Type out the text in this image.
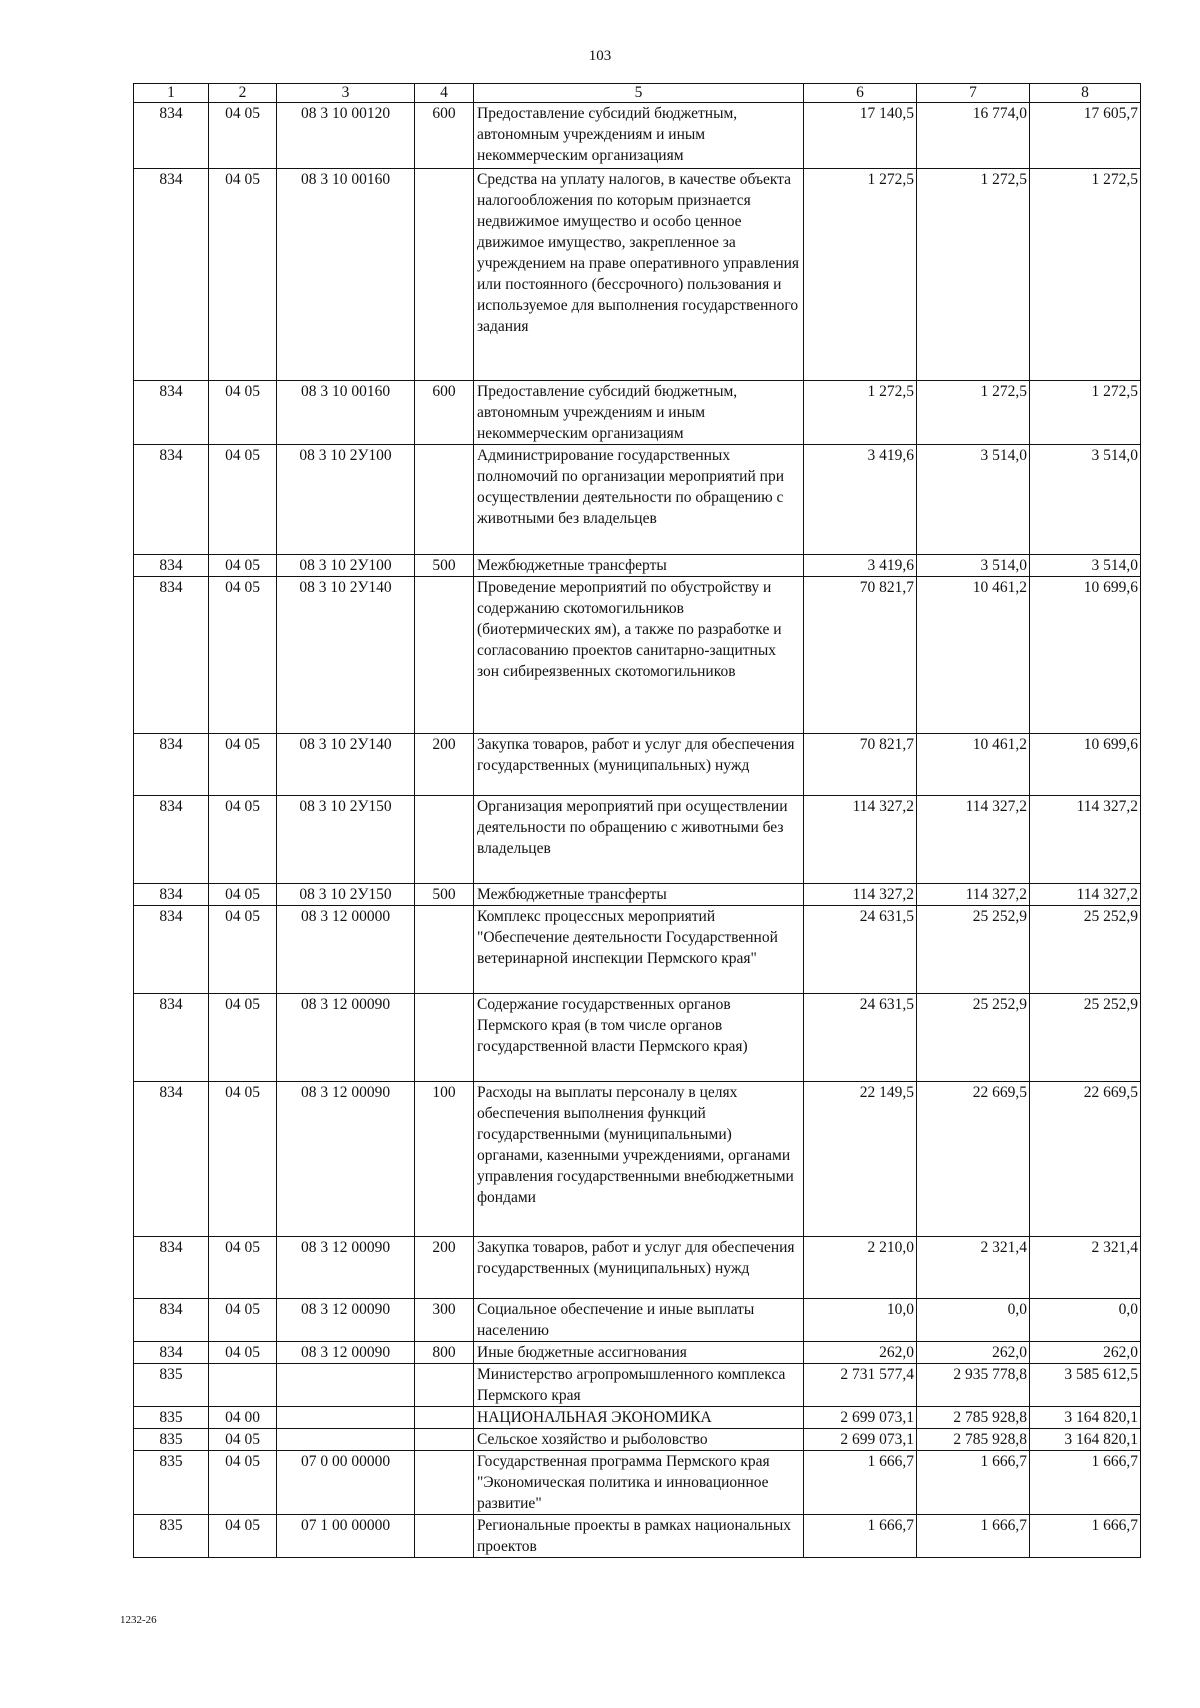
103
1	2	3	4	5	6	7	8
834	04 05	08 3 10 00120	600	Предоставление субсидий бюджетным, автономным учреждениям и иным некоммерческим организациям	17 140,5	16 774,0	17 605,7
834	04 05	08 3 10 00160		Средства на уплату налогов, в качестве объекта налогообложения по которым признается недвижимое имущество и особо ценное движимое имущество, закрепленное за учреждением на праве оперативного управления или постоянного (бессрочного) пользования и используемое для выполнения государственного задания	1 272,5	1 272,5	1 272,5
834	04 05	08 3 10 00160	600	Предоставление субсидий бюджетным, автономным учреждениям и иным некоммерческим организациям	1 272,5	1 272,5	1 272,5
834	04 05	08 3 10 2У100		Администрирование государственных полномочий по организации мероприятий при осуществлении деятельности по обращению с животными без владельцев	3 419,6	3 514,0	3 514,0
834	04 05	08 3 10 2У100	500	Межбюджетные трансферты	3 419,6	3 514,0	3 514,0
834	04 05	08 3 10 2У140		Проведение мероприятий по обустройству и содержанию скотомогильников (биотермических ям), а также по разработке и согласованию проектов санитарно-защитных зон сибиреязвенных скотомогильников	70 821,7	10 461,2	10 699,6
834	04 05	08 3 10 2У140	200	Закупка товаров, работ и услуг для обеспечения государственных (муниципальных) нужд	70 821,7	10 461,2	10 699,6
834	04 05	08 3 10 2У150		Организация мероприятий при осуществлении деятельности по обращению с животными без владельцев	114 327,2	114 327,2	114 327,2
834	04 05	08 3 10 2У150	500	Межбюджетные трансферты	114 327,2	114 327,2	114 327,2
834	04 05	08 3 12 00000		Комплекс процессных мероприятий "Обеспечение деятельности Государственной ветеринарной инспекции Пермского края"	24 631,5	25 252,9	25 252,9
834	04 05	08 3 12 00090		Содержание государственных органов Пермского края (в том числе органов государственной власти Пермского края)	24 631,5	25 252,9	25 252,9
834	04 05	08 3 12 00090	100	Расходы на выплаты персоналу в целях обеспечения выполнения функций государственными (муниципальными) органами, казенными учреждениями, органами управления государственными внебюджетными фондами	22 149,5	22 669,5	22 669,5
834	04 05	08 3 12 00090	200	Закупка товаров, работ и услуг для обеспечения государственных (муниципальных) нужд	2 210,0	2 321,4	2 321,4
834	04 05	08 3 12 00090	300	Социальное обеспечение и иные выплаты населению	10,0	0,0	0,0
834	04 05	08 3 12 00090	800	Иные бюджетные ассигнования	262,0	262,0	262,0
835				Министерство агропромышленного комплекса Пермского края	2 731 577,4	2 935 778,8	3 585 612,5
835	04 00			НАЦИОНАЛЬНАЯ ЭКОНОМИКА	2 699 073,1	2 785 928,8	3 164 820,1
835	04 05			Сельское хозяйство и рыболовство	2 699 073,1	2 785 928,8	3 164 820,1
835	04 05	07 0 00 00000		Государственная программа Пермского края "Экономическая политика и инновационное развитие"	1 666,7	1 666,7	1 666,7
835	04 05	07 1 00 00000		Региональные проекты в рамках национальных проектов	1 666,7	1 666,7	1 666,7
1232-26
